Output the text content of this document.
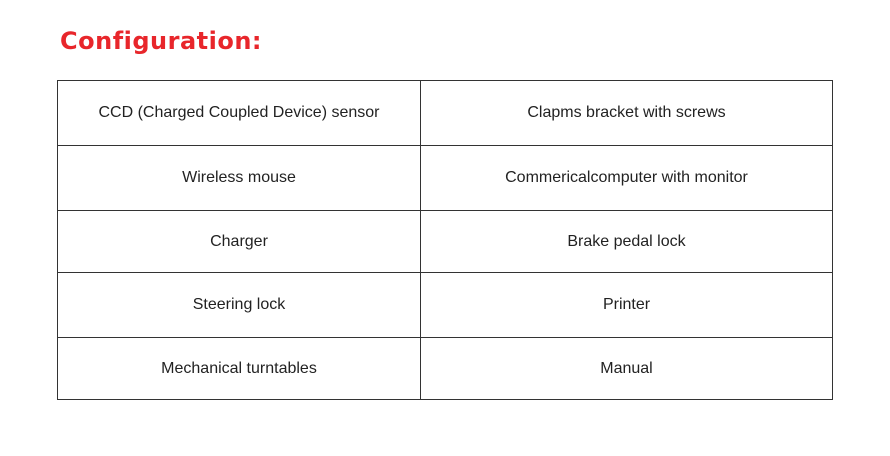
Configuration:
CCD (Charged Coupled Device) sensor	Clapms bracket with screws
Wireless mouse	Commericalcomputer with monitor
Charger	Brake pedal lock
Steering lock	Printer
Mechanical turntables	Manual
